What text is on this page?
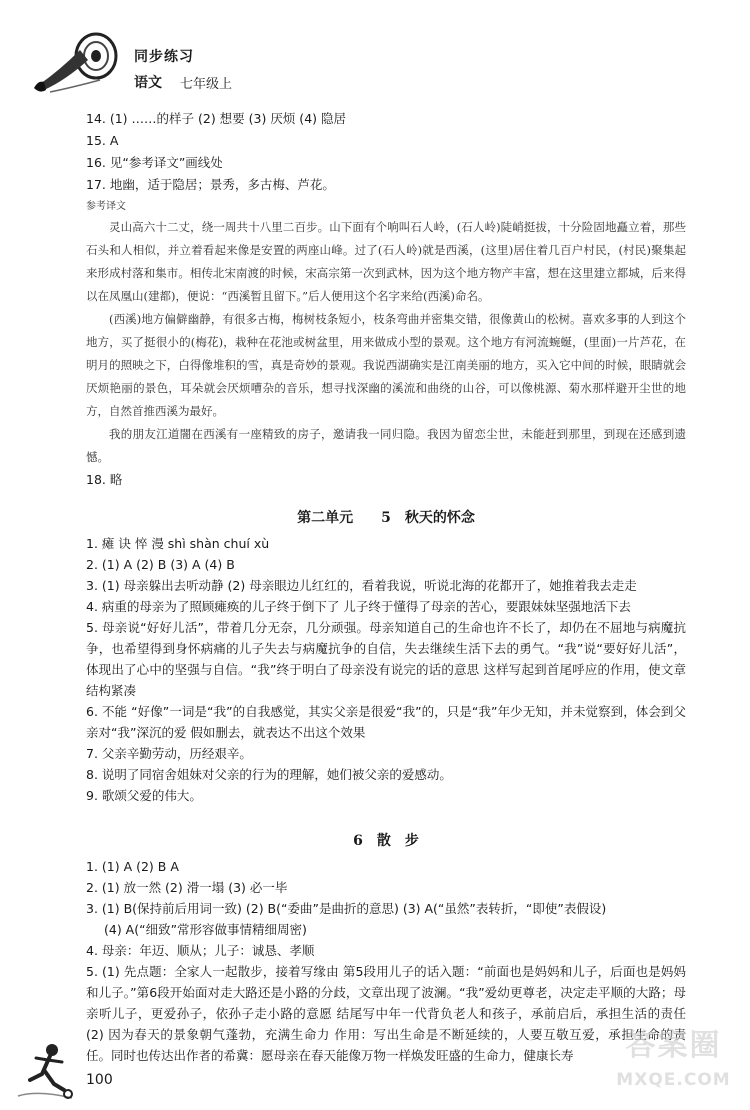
同步练习
语文 七年级上
14. (1) ……的样子 (2) 想要 (3) 厌烦 (4) 隐居
15. A
16. 见“参考译文”画线处
17. 地幽，适于隐居；景秀，多古梅、芦花。
参考译文

灵山高六十二丈，绕一周共十八里二百步。山下面有个响叫石人岭，(石人岭)陡峭挺拔，十分险固地矗立着，那些石头和人相似，并立着看起来像是安置的两座山峰。过了(石人岭)就是西溪，(这里)居住着几百户村民，(村民)聚集起来形成村落和集市。相传北宋南渡的时候，宋高宗第一次到武林，因为这个地方物产丰富，想在这里建立都城，后来得以在凤凰山(建都)，便说：“西溪暂且留下。”后人便用这个名字来给(西溪)命名。

(西溪)地方偏僻幽静，有很多古梅，梅树枝条短小，枝条弯曲并密集交错，很像黄山的松树。喜欢多事的人到这个地方，买了挺很小的(梅花)，栽种在花池或树盆里，用来做成小型的景观。这个地方有河流蜿蜒，(里面)一片芦花，在明月的照映之下，白得像堆积的雪，真是奇妙的景观。我说西湖确实是江南美丽的地方，买入它中间的时候，眼睛就会厌烦艳丽的景色，耳朵就会厌烦嘈杂的音乐，想寻找深幽的溪流和曲绕的山谷，可以像桃源、菊水那样避开尘世的地方，自然首推西溪为最好。

我的朋友江道闇在西溪有一座精致的房子，邀请我一同归隐。我因为留恋尘世，未能赶到那里，到现在还感到遗憾。

18. 略
第二单元　　5　秋天的怀念
1. 瘫 诀 悴 漫 shì shàn chuí xù
2. (1) A (2) B (3) A (4) B
3. (1) 母亲躲出去听动静 (2) 母亲眼边儿红红的，看着我说，听说北海的花都开了，她推着我去走走
4. 病重的母亲为了照顾瘫痪的儿子终于倒下了 儿子终于懂得了母亲的苦心，要跟妹妹坚强地活下去
5. 母亲说“好好儿活”，带着几分无奈，几分顽强。母亲知道自己的生命也许不长了，却仍在不屈地与病魔抗争，也希望得到身怀病痛的儿子失去与病魔抗争的自信，失去继续生活下去的勇气。“我”说“要好好儿活”，体现出了心中的坚强与自信。“我”终于明白了母亲没有说完的话的意思 这样写起到首尾呼应的作用，使文章结构紧凑
6. 不能 “好像”一词是“我”的自我感觉，其实父亲是很爱“我”的，只是“我”年少无知，并未觉察到，体会到父亲对“我”深沉的爱 假如删去，就表达不出这个效果
7. 父亲辛勤劳动，历经艰辛。
8. 说明了同宿舍姐妹对父亲的行为的理解，她们被父亲的爱感动。
9. 歌颂父爱的伟大。
6　散　步
1. (1) A (2) B A
2. (1) 放一然 (2) 滑一塌 (3) 必一毕
3. (1) B(保持前后用词一致) (2) B(“委曲”是曲折的意思) (3) A(“虽然”表转折，“即使”表假设)
(4) A(“细致”常形容做事情精细周密)
4. 母亲：年迈、顺从；儿子：诚恳、孝顺
5. (1) 先点题：全家人一起散步，接着写缘由 第5段用儿子的话入题：“前面也是妈妈和儿子，后面也是妈妈和儿子。”第6段开始面对走大路还是小路的分歧，文章出现了波澜。“我”爱幼更尊老，决定走平顺的大路；母亲听儿子，更爱孙子，依孙子走小路的意愿 结尾写中年一代背负老人和孩子，承前启后，承担生活的责任 (2) 因为春天的景象朝气蓬勃，充满生命力 作用：写出生命是不断延续的，人要互敬互爱，承担生命的责任。同时也传达出作者的希冀：愿母亲在春天能像万物一样焕发旺盛的生命力，健康长寿
100
答案圈
MXQE.COM
